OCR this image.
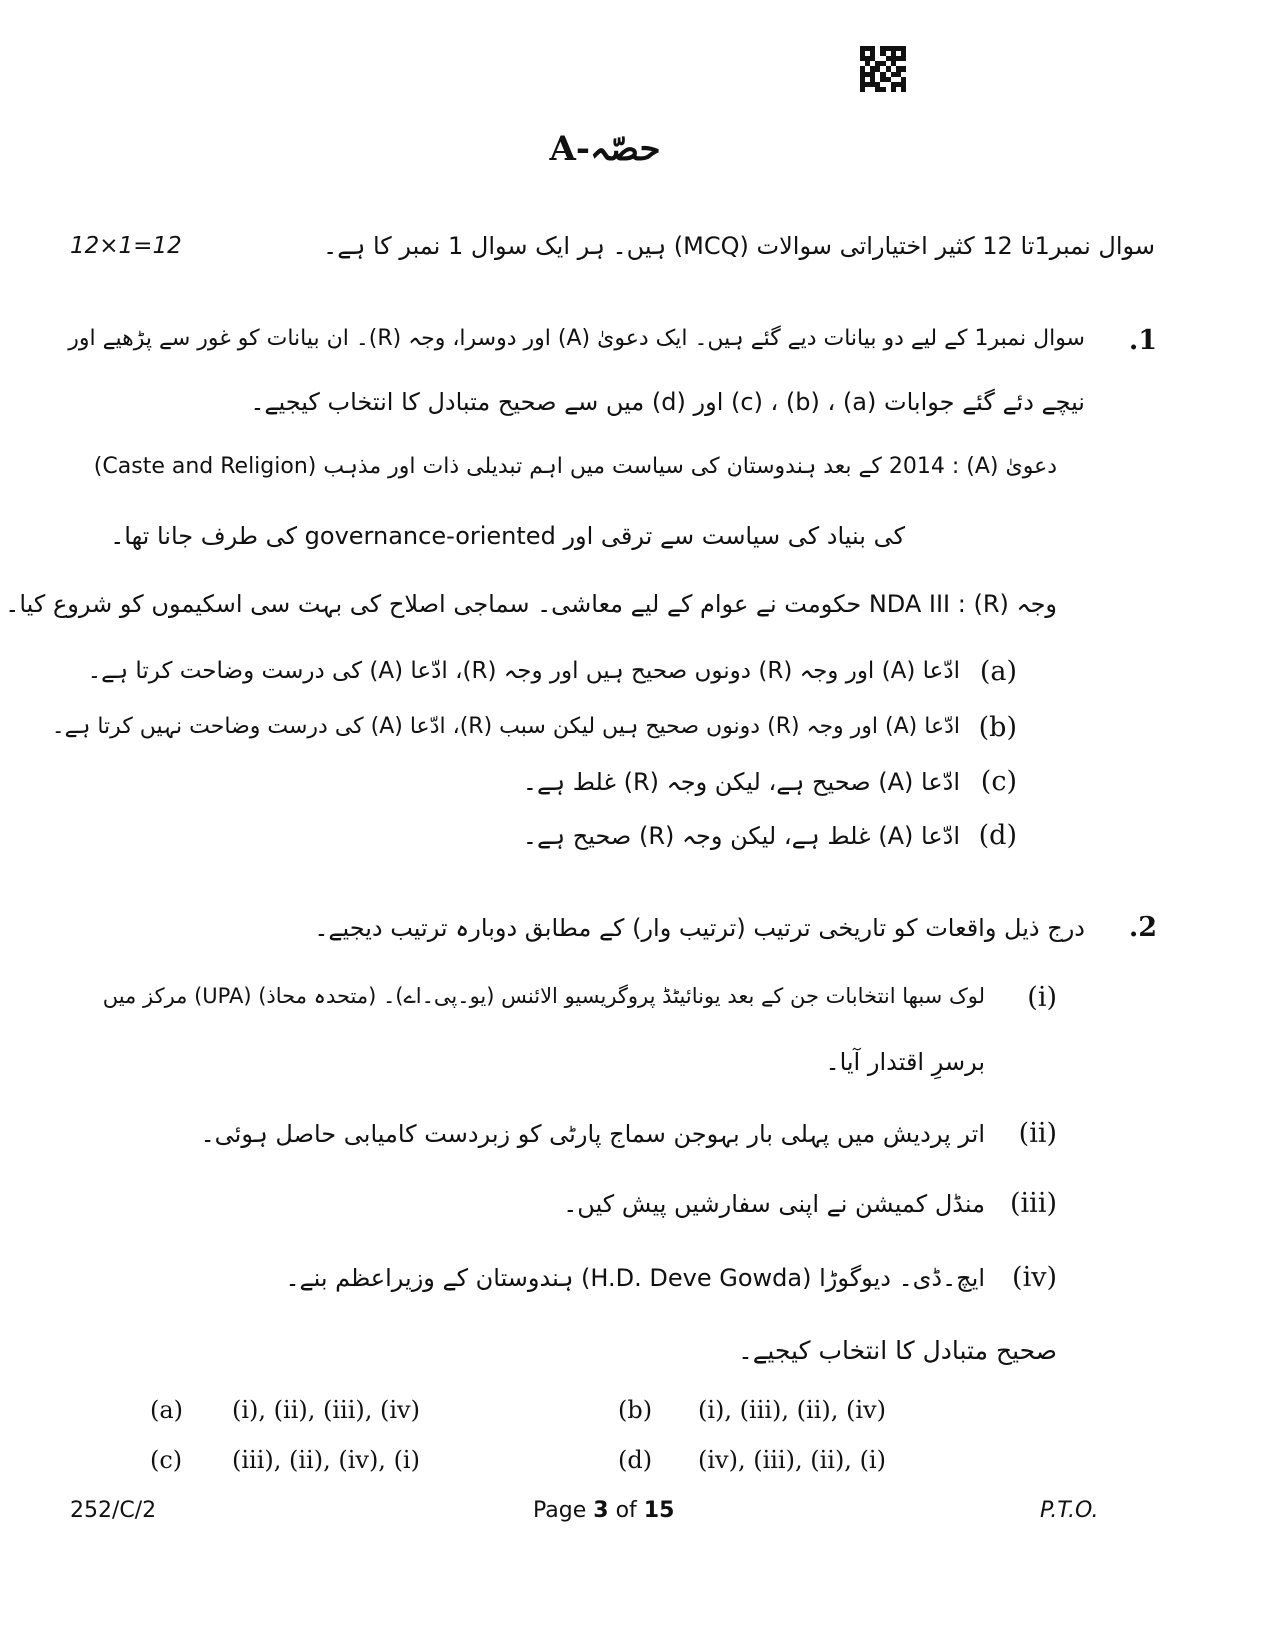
حصّہ-A
12×1=12	سوال نمبر1تا 12 کثیر اختیاراتی سوالات (MCQ) ہیں۔ ہر ایک سوال 1 نمبر کا ہے۔
.1
سوال نمبر1 کے لیے دو بیانات دیے گئے ہیں۔ ایک دعویٰ (A) اور دوسرا، وجہ (R)۔ ان بیانات کو غور سے پڑھیے اور
نیچے دئے گئے جوابات (a) ، (b) ، (c) اور (d) میں سے صحیح متبادل کا انتخاب کیجیے۔
دعویٰ (A) : 2014 کے بعد ہندوستان کی سیاست میں اہم تبدیلی ذات اور مذہب (Caste and Religion)
کی بنیاد کی سیاست سے ترقی اور governance-oriented کی طرف جانا تھا۔
وجہ (R) : NDA III حکومت نے عوام کے لیے معاشی۔ سماجی اصلاح کی بہت سی اسکیموں کو شروع کیا۔
(a)
ادّعا (A) اور وجہ (R) دونوں صحیح ہیں اور وجہ (R)، ادّعا (A) کی درست وضاحت کرتا ہے۔
(b)
ادّعا (A) اور وجہ (R) دونوں صحیح ہیں لیکن سبب (R)، ادّعا (A) کی درست وضاحت نہیں کرتا ہے۔
(c)
ادّعا (A) صحیح ہے، لیکن وجہ (R) غلط ہے۔
(d)
ادّعا (A) غلط ہے، لیکن وجہ (R) صحیح ہے۔
.2
درج ذیل واقعات کو تاریخی ترتیب (ترتیب وار) کے مطابق دوبارہ ترتیب دیجیے۔
(i)
لوک سبھا انتخابات جن کے بعد یونائیٹڈ پروگریسیو الائنس (یو۔پی۔اے)۔ (متحدہ محاذ) (UPA) مرکز میں
برسرِ اقتدار آیا۔
(ii)
اتر پردیش میں پہلی بار بہوجن سماج پارٹی کو زبردست کامیابی حاصل ہوئی۔
(iii)
منڈل کمیشن نے اپنی سفارشیں پیش کیں۔
(iv)
ایچ۔ڈی۔ دیوگوڑا (H.D. Deve Gowda) ہندوستان کے وزیراعظم بنے۔
صحیح متبادل کا انتخاب کیجیے۔
(a) (i), (ii), (iii), (iv)	(b) (i), (iii), (ii), (iv)
(c) (iii), (ii), (iv), (i)	(d) (iv), (iii), (ii), (i)
252/C/2	Page 3 of 15	P.T.O.
